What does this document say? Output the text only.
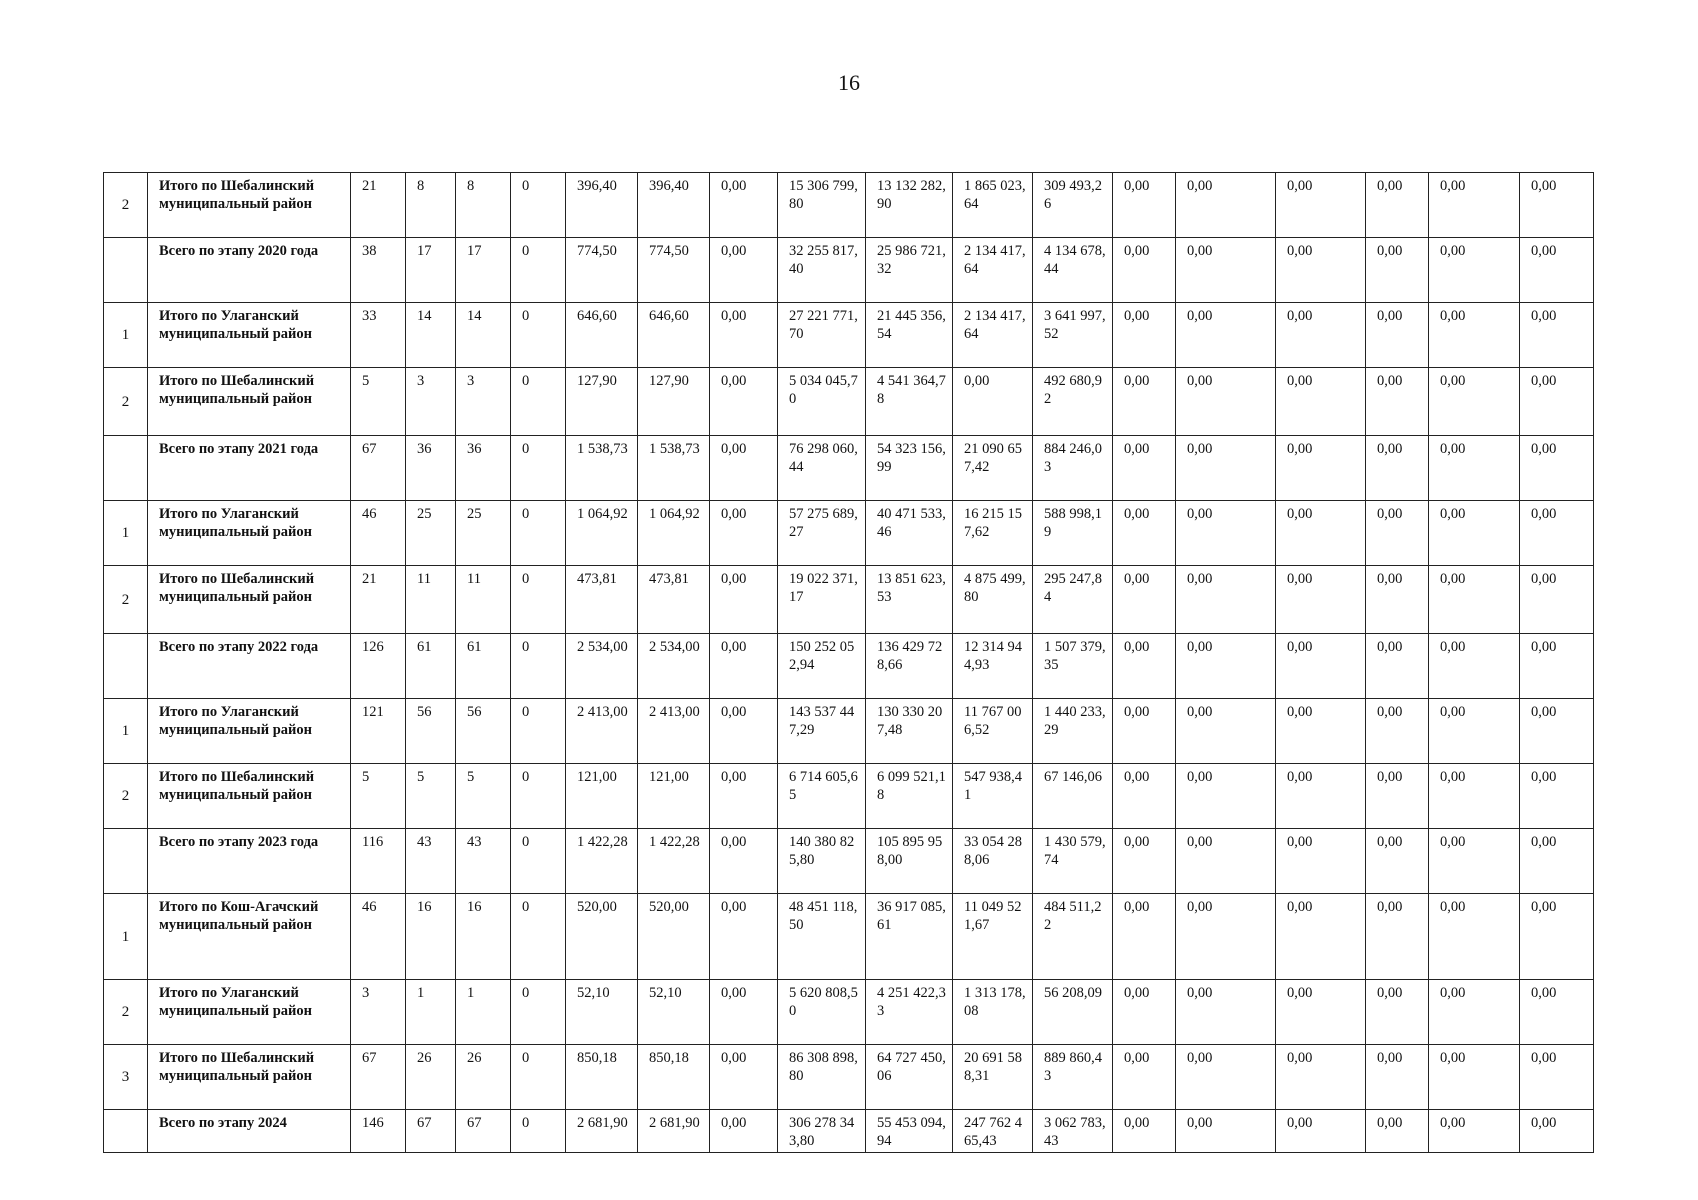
16
2	Итого по Шебалинский муниципальный район	21	8	8	0	396,40	396,40	0,00	15 306 799,80	13 132 282,90	1 865 023,64	309 493,26	0,00	0,00	0,00	0,00	0,00	0,00
	Всего по этапу 2020 года	38	17	17	0	774,50	774,50	0,00	32 255 817,40	25 986 721,32	2 134 417,64	4 134 678,44	0,00	0,00	0,00	0,00	0,00	0,00
1	Итого по Улаганский муниципальный район	33	14	14	0	646,60	646,60	0,00	27 221 771,70	21 445 356,54	2 134 417,64	3 641 997,52	0,00	0,00	0,00	0,00	0,00	0,00
2	Итого по Шебалинский муниципальный район	5	3	3	0	127,90	127,90	0,00	5 034 045,70	4 541 364,78	0,00	492 680,92	0,00	0,00	0,00	0,00	0,00	0,00
	Всего по этапу 2021 года	67	36	36	0	1 538,73	1 538,73	0,00	76 298 060,44	54 323 156,99	21 090 657,42	884 246,03	0,00	0,00	0,00	0,00	0,00	0,00
1	Итого по Улаганский муниципальный район	46	25	25	0	1 064,92	1 064,92	0,00	57 275 689,27	40 471 533,46	16 215 157,62	588 998,19	0,00	0,00	0,00	0,00	0,00	0,00
2	Итого по Шебалинский муниципальный район	21	11	11	0	473,81	473,81	0,00	19 022 371,17	13 851 623,53	4 875 499,80	295 247,84	0,00	0,00	0,00	0,00	0,00	0,00
	Всего по этапу 2022 года	126	61	61	0	2 534,00	2 534,00	0,00	150 252 052,94	136 429 728,66	12 314 944,93	1 507 379,35	0,00	0,00	0,00	0,00	0,00	0,00
1	Итого по Улаганский муниципальный район	121	56	56	0	2 413,00	2 413,00	0,00	143 537 447,29	130 330 207,48	11 767 006,52	1 440 233,29	0,00	0,00	0,00	0,00	0,00	0,00
2	Итого по Шебалинский муниципальный район	5	5	5	0	121,00	121,00	0,00	6 714 605,65	6 099 521,18	547 938,41	67 146,06	0,00	0,00	0,00	0,00	0,00	0,00
	Всего по этапу 2023 года	116	43	43	0	1 422,28	1 422,28	0,00	140 380 825,80	105 895 958,00	33 054 288,06	1 430 579,74	0,00	0,00	0,00	0,00	0,00	0,00
1	Итого по Кош-Агачский муниципальный район	46	16	16	0	520,00	520,00	0,00	48 451 118,50	36 917 085,61	11 049 521,67	484 511,22	0,00	0,00	0,00	0,00	0,00	0,00
2	Итого по Улаганский муниципальный район	3	1	1	0	52,10	52,10	0,00	5 620 808,50	4 251 422,33	1 313 178,08	56 208,09	0,00	0,00	0,00	0,00	0,00	0,00
3	Итого по Шебалинский муниципальный район	67	26	26	0	850,18	850,18	0,00	86 308 898,80	64 727 450,06	20 691 588,31	889 860,43	0,00	0,00	0,00	0,00	0,00	0,00
	Всего по этапу 2024	146	67	67	0	2 681,90	2 681,90	0,00	306 278 343,80	55 453 094,94	247 762 465,43	3 062 783,43	0,00	0,00	0,00	0,00	0,00	0,00
